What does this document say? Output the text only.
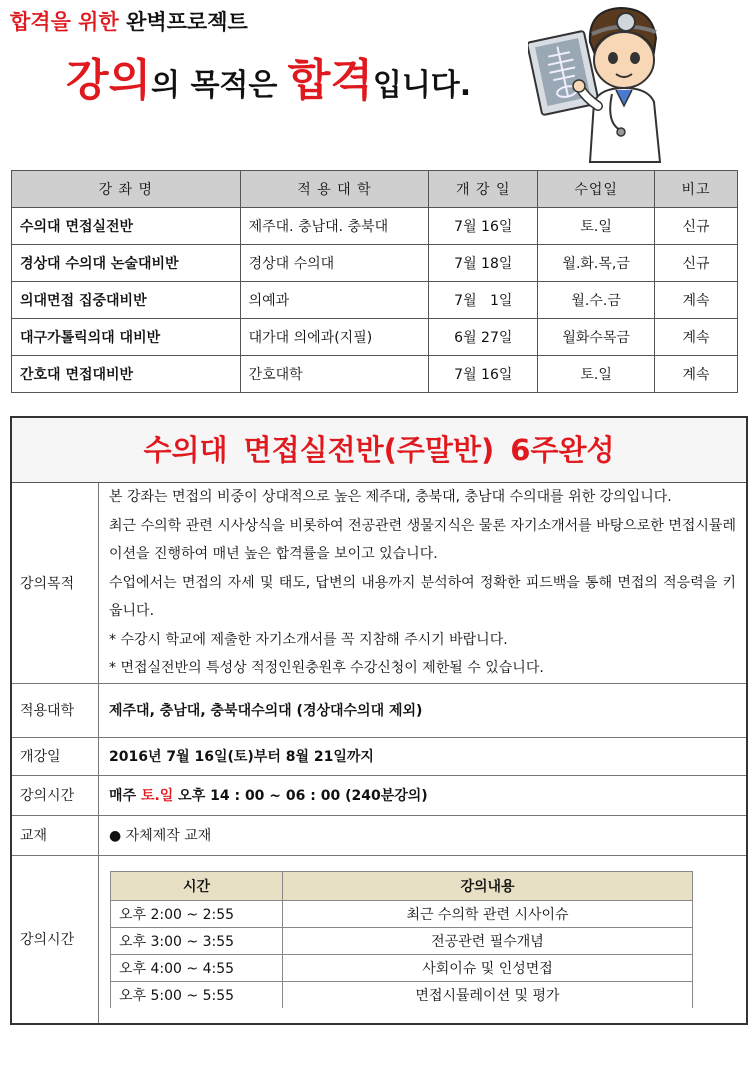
합격을 위한 완벽프로젝트
강의의 목적은 합격입니다.
강 좌 명	적 용 대 학	개 강 일	수업일	비고
수의대 면접실전반	제주대. 충남대. 충북대	7월 16일	토.일	신규
경상대 수의대 논술대비반	경상대 수의대	7월 18일	월.화.목,금	신규
의대면접 집중대비반	의예과	7월   1일	월.수.금	계속
대구가톨릭의대 대비반	대가대 의에과(지필)	6월 27일	월화수목금	계속
간호대 면접대비반	간호대학	7월 16일	토.일	계속
수의대 면접실전반(주말반) 6주완성
강의목적	
본 강좌는 면접의 비중이 상대적으로 높은 제주대, 충북대, 충남대 수의대를 위한 강의입니다.
최근 수의학 관련 시사상식을 비롯하여 전공관련 생물지식은 물론 자기소개서를 바탕으로한 면접시뮬레이션을 진행하여 매년 높은 합격률을 보이고 있습니다.
수업에서는 면접의 자세 및 태도, 답변의 내용까지 분석하여 정확한 피드백을 통해 면접의 적응력을 키웁니다.
* 수강시 학교에 제출한 자기소개서를 꼭 지참해 주시기 바랍니다.
* 면접실전반의 특성상 적정인원충원후 수강신청이 제한될 수 있습니다.

적용대학	제주대, 충남대, 충북대수의대 (경상대수의대 제외)
개강일	2016년 7월 16일(토)부터 8월 21일까지
강의시간	매주 토.일 오후 14 : 00 ~ 06 : 00 (240분강의)
교재	● 자체제작 교재
강의시간	
시간	강의내용
오후 2:00 ~ 2:55	최근 수의학 관련 시사이슈
오후 3:00 ~ 3:55	전공관련 필수개념
오후 4:00 ~ 4:55	사회이슈 및 인성면접
오후 5:00 ~ 5:55	면접시뮬레이션 및 평가
